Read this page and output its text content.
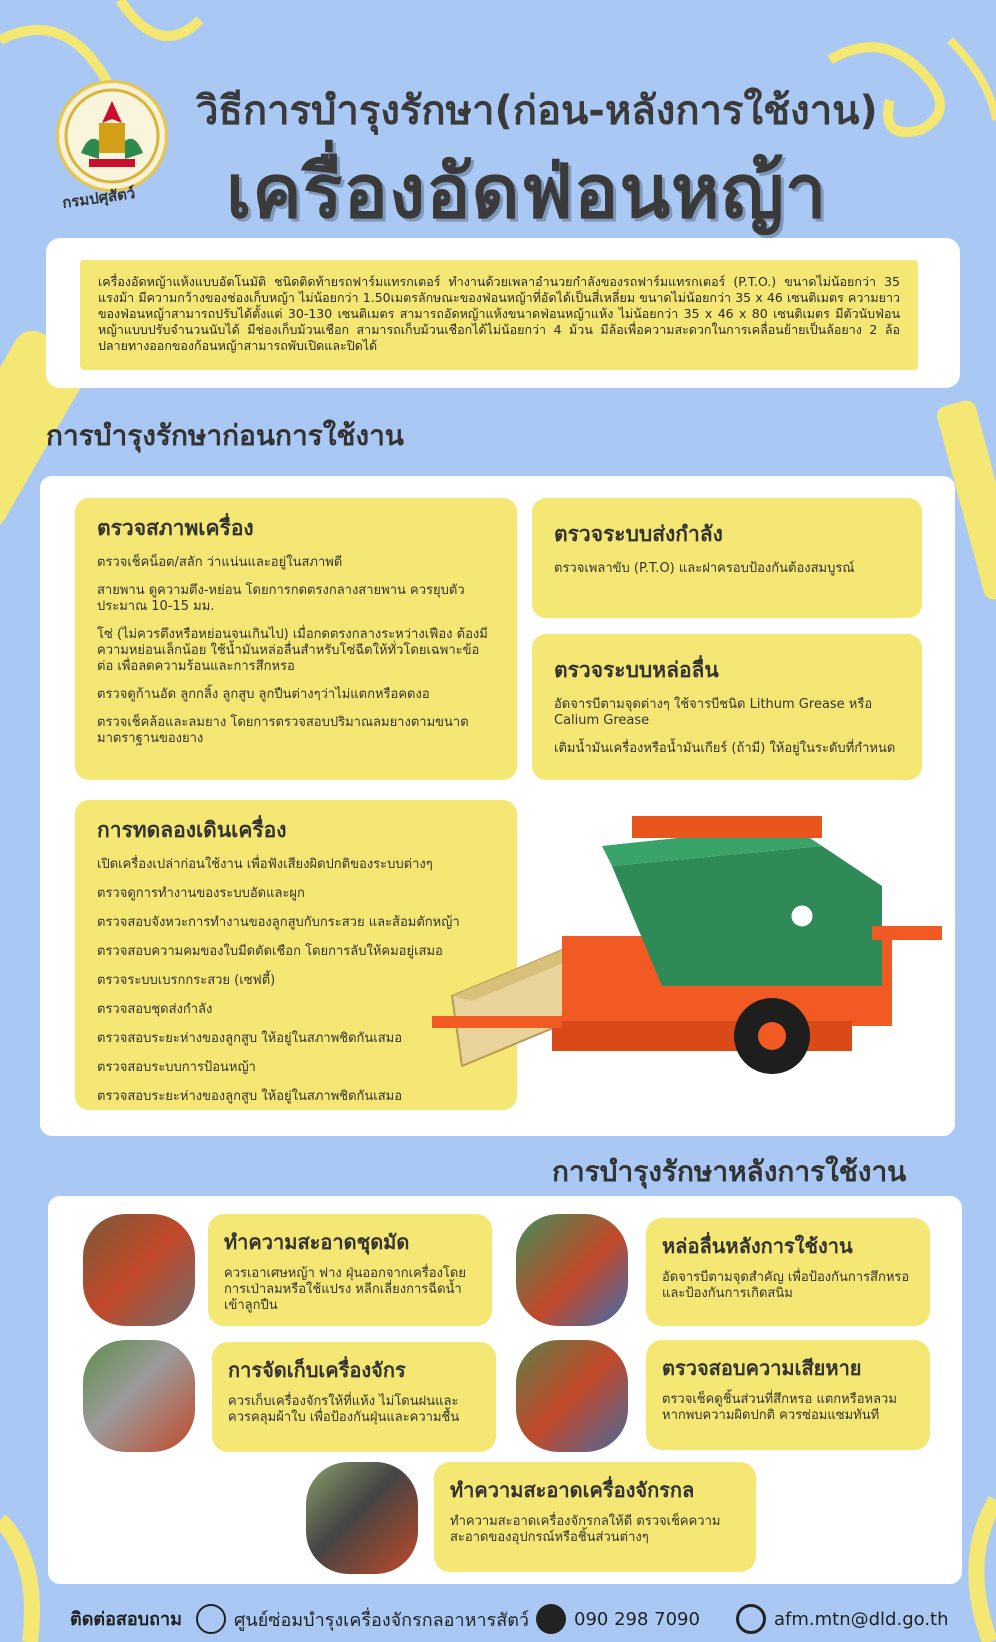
กรมปศุสัตว์
วิธีการบำรุงรักษา(ก่อน-หลังการใช้งาน)
เครื่องอัดฟ่อนหญ้า
เครื่องอัดหญ้าแห้งแบบอัตโนมัติ ชนิดติดท้ายรถฟาร์มแทรกเตอร์ ทำงานด้วยเพลาอำนวยกำลังของรถฟาร์มแทรกเตอร์ (P.T.O.) ขนาดไม่น้อยกว่า 35 แรงม้า มีความกว้างของช่องเก็บหญ้า ไม่น้อยกว่า 1.50เมตรลักษณะของฟ่อนหญ้าที่อัดได้เป็นสี่เหลี่ยม ขนาดไม่น้อยกว่า 35 x 46 เซนติเมตร ความยาวของฟ่อนหญ้าสามารถปรับได้ตั้งแต่ 30-130 เซนติเมตร สามารถอัดหญ้าแห้งขนาดฟ่อนหญ้าแห้ง ไม่น้อยกว่า 35 x 46 x 80 เซนติเมตร มีตัวนับฟ่อนหญ้าแบบปรับจำนวนนับได้ มีช่องเก็บม้วนเชือก สามารถเก็บม้วนเชือกได้ไม่น้อยกว่า 4 ม้วน มีล้อเพื่อความสะดวกในการเคลื่อนย้ายเป็นล้อยาง 2 ล้อ ปลายทางออกของก้อนหญ้าสามารถพับเปิดและปิดได้
การบำรุงรักษาก่อนการใช้งาน
ตรวจสภาพเครื่อง

ตรวจเช็คน็อต/สลัก ว่าแน่นและอยู่ในสภาพดี

สายพาน ดูความตึง-หย่อน โดยการกดตรงกลางสายพาน ควรยุบตัวประมาณ 10-15 มม.

โซ่ (ไม่ควรตึงหรือหย่อนจนเกินไป) เมื่อกดตรงกลางระหว่างเฟือง ต้องมีความหย่อนเล็กน้อย ใช้น้ำมันหล่อลื่นสำหรับโซ่ฉีดให้ทั่วโดยเฉพาะข้อต่อ เพื่อลดความร้อนและการสึกหรอ

ตรวจดูก้านอัด ลูกกลิ้ง ลูกสูบ ลูกปืนต่างๆว่าไม่แตกหรือคดงอ

ตรวจเช็คล้อและลมยาง โดยการตรวจสอบปริมาณลมยางตามขนาดมาตราฐานของยาง

ตรวจระบบส่งกำลัง

ตรวจเพลาขับ (P.T.O) และฝาครอบป้องกันต้องสมบูรณ์

ตรวจระบบหล่อลื่น

อัดจารบีตามจุดต่างๆ ใช้จารบีชนิด Lithum Grease หรือ Calium Grease

เติมน้ำมันเครื่องหรือน้ำมันเกียร์ (ถ้ามี) ให้อยู่ในระดับที่กำหนด

การทดลองเดินเครื่อง

เปิดเครื่องเปล่าก่อนใช้งาน เพื่อฟังเสียงผิดปกติของระบบต่างๆ

ตรวจดูการทำงานของระบบอัดและผูก

ตรวจสอบจังหวะการทำงานของลูกสูบกับกระสวย และส้อมตักหญ้า

ตรวจสอบความคมของใบมีดตัดเชือก โดยการลับให้คมอยู่เสมอ

ตรวจระบบเบรกกระสวย (เซฟตี้)

ตรวจสอบชุดส่งกำลัง

ตรวจสอบระยะห่างของลูกสูบ ให้อยู่ในสภาพชิดกันเสมอ

ตรวจสอบระบบการป้อนหญ้า

ตรวจสอบระยะห่างของลูกสูบ ให้อยู่ในสภาพชิดกันเสมอ

การบำรุงรักษาหลังการใช้งาน
ทำความสะอาดชุดมัด

ควรเอาเศษหญ้า ฟาง ฝุ่นออกจากเครื่องโดยการเป่าลมหรือใช้แปรง หลีกเลี่ยงการฉีดน้ำเข้าลูกปืน

หล่อลื่นหลังการใช้งาน

อัดจารบีตามจุดสำคัญ เพื่อป้องกันการสึกหรอและป้องกันการเกิดสนิม

การจัดเก็บเครื่องจักร

ควรเก็บเครื่องจักรให้ที่แห้ง ไม่โดนฝนและควรคลุมผ้าใบ เพื่อป้องกันฝุ่นและความชื้น

ตรวจสอบความเสียหาย

ตรวจเช็คดูชิ้นส่วนที่สึกหรอ แตกหรือหลวม หากพบความผิดปกติ ควรซ่อมแซมทันที

ทำความสะอาดเครื่องจักรกล

ทำความสะอาดเครื่องจักรกลให้ดี ตรวจเช็คความสะอาดของอุปกรณ์หรือชิ้นส่วนต่างๆ

ติดต่อสอบถาม	ศูนย์ซ่อมบำรุงเครื่องจักรกลอาหารสัตว์ 090 298 7090	afm.mtn@dld.go.th
